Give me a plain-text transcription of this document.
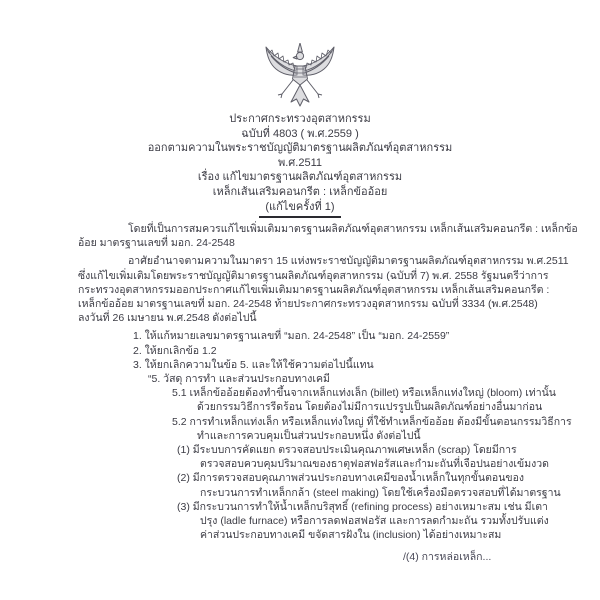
ประกาศกระทรวงอุตสาหกรรม
ฉบับที่ 4803 ( พ.ศ.2559 )
ออกตามความในพระราชบัญญัติมาตรฐานผลิตภัณฑ์อุตสาหกรรม
พ.ศ.2511
เรื่อง แก้ไขมาตรฐานผลิตภัณฑ์อุตสาหกรรม
เหล็กเส้นเสริมคอนกรีต : เหล็กข้ออ้อย
(แก้ไขครั้งที่ 1)
โดยที่เป็นการสมควรแก้ไขเพิ่มเติมมาตรฐานผลิตภัณฑ์อุตสาหกรรม เหล็กเส้นเสริมคอนกรีต : เหล็กข้อ
อ้อย มาตรฐานเลขที่ มอก. 24-2548
อาศัยอำนาจตามความในมาตรา 15 แห่งพระราชบัญญัติมาตรฐานผลิตภัณฑ์อุตสาหกรรม พ.ศ.2511
ซึ่งแก้ไขเพิ่มเติมโดยพระราชบัญญัติมาตรฐานผลิตภัณฑ์อุตสาหกรรม (ฉบับที่ 7) พ.ศ. 2558 รัฐมนตรีว่าการ
กระทรวงอุตสาหกรรมออกประกาศแก้ไขเพิ่มเติมมาตรฐานผลิตภัณฑ์อุตสาหกรรม เหล็กเส้นเสริมคอนกรีต :
เหล็กข้ออ้อย มาตรฐานเลขที่ มอก. 24-2548 ท้ายประกาศกระทรวงอุตสาหกรรม ฉบับที่ 3334 (พ.ศ.2548)
ลงวันที่ 26 เมษายน พ.ศ.2548 ดังต่อไปนี้
1. ให้แก้หมายเลขมาตรฐานเลขที่ “มอก. 24-2548” เป็น “มอก. 24-2559”
2. ให้ยกเลิกข้อ 1.2
3. ให้ยกเลิกความในข้อ 5. และให้ใช้ความต่อไปนี้แทน
“5. วัสดุ การทำ และส่วนประกอบทางเคมี
5.1 เหล็กข้ออ้อยต้องทำขึ้นจากเหล็กแท่งเล็ก (billet) หรือเหล็กแท่งใหญ่ (bloom) เท่านั้น
ด้วยกรรมวิธีการรีดร้อน โดยต้องไม่มีการแปรรูปเป็นผลิตภัณฑ์อย่างอื่นมาก่อน
5.2 การทำเหล็กแท่งเล็ก หรือเหล็กแท่งใหญ่ ที่ใช้ทำเหล็กข้ออ้อย ต้องมีขั้นตอนกรรมวิธีการ
ทำและการควบคุมเป็นส่วนประกอบหนึ่ง ดังต่อไปนี้
(1) มีระบบการคัดแยก ตรวจสอบประเมินคุณภาพเศษเหล็ก (scrap) โดยมีการ
ตรวจสอบควบคุมปริมาณของธาตุฟอสฟอรัสและกำมะถันที่เจือปนอย่างเข้มงวด
(2) มีการตรวจสอบคุณภาพส่วนประกอบทางเคมีของน้ำเหล็กในทุกขั้นตอนของ
กระบวนการทำเหล็กกล้า (steel making) โดยใช้เครื่องมือตรวจสอบที่ได้มาตรฐาน
(3) มีกระบวนการทำให้น้ำเหล็กบริสุทธิ์ (refining process) อย่างเหมาะสม เช่น มีเตา
ปรุง (ladle furnace) หรือการลดฟอสฟอรัส และการลดกำมะถัน รวมทั้งปรับแต่ง
ค่าส่วนประกอบทางเคมี ขจัดสารฝังใน (inclusion) ได้อย่างเหมาะสม
/(4) การหล่อเหล็ก...
